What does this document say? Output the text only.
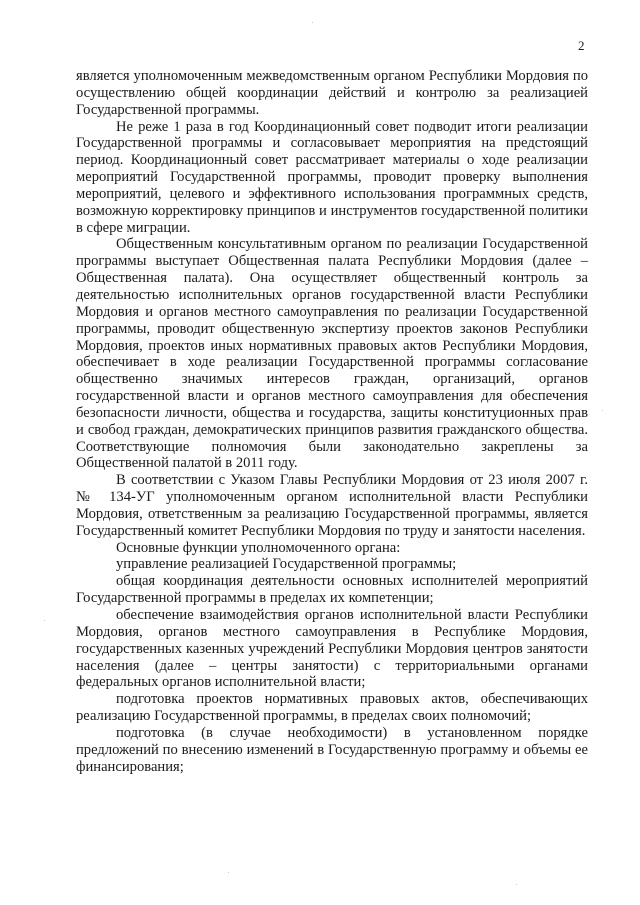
2

является уполномоченным межведомственным органом Республики Мордовия по осуществлению общей координации действий и контролю за реализацией Государственной программы.

Не реже 1 раза в год Координационный совет подводит итоги реализации Государственной программы и согласовывает мероприятия на предстоящий период. Координационный совет рассматривает материалы о ходе реализации мероприятий Государственной программы, проводит проверку выполнения мероприятий, целевого и эффективного использования программных средств, возможную корректировку принципов и инструментов государственной политики в сфере миграции.

Общественным консультативным органом по реализации Государственной программы выступает Общественная палата Республики Мордовия (далее – Общественная палата). Она осуществляет общественный контроль за деятельностью исполнительных органов государственной власти Республики Мордовия и органов местного самоуправления по реализации Государственной программы, проводит общественную экспертизу проектов законов Республики Мордовия, проектов иных нормативных правовых актов Республики Мордовия, обеспечивает в ходе реализации Государственной программы согласование общественно значимых интересов граждан, организаций, органов государственной власти и органов местного самоуправления для обеспечения безопасности личности, общества и государства, защиты конституционных прав и свобод граждан, демократических принципов развития гражданского общества. Соответствующие полномочия были законодательно закреплены за Общественной палатой в 2011 году.

В соответствии с Указом Главы Республики Мордовия от 23 июля 2007 г. № 134-УГ уполномоченным органом исполнительной власти Республики Мордовия, ответственным за реализацию Государственной программы, является Государственный комитет Республики Мордовия по труду и занятости населения.

Основные функции уполномоченного органа:

управление реализацией Государственной программы;

общая координация деятельности основных исполнителей мероприятий Государственной программы в пределах их компетенции;

обеспечение взаимодействия органов исполнительной власти Республики Мордовия, органов местного самоуправления в Республике Мордовия, государственных казенных учреждений Республики Мордовия центров занятости населения (далее – центры занятости) с территориальными органами федеральных органов исполнительной власти;

подготовка проектов нормативных правовых актов, обеспечивающих реализацию Государственной программы, в пределах своих полномочий;

подготовка (в случае необходимости) в установленном порядке предложений по внесению изменений в Государственную программу и объемы ее финансирования;
